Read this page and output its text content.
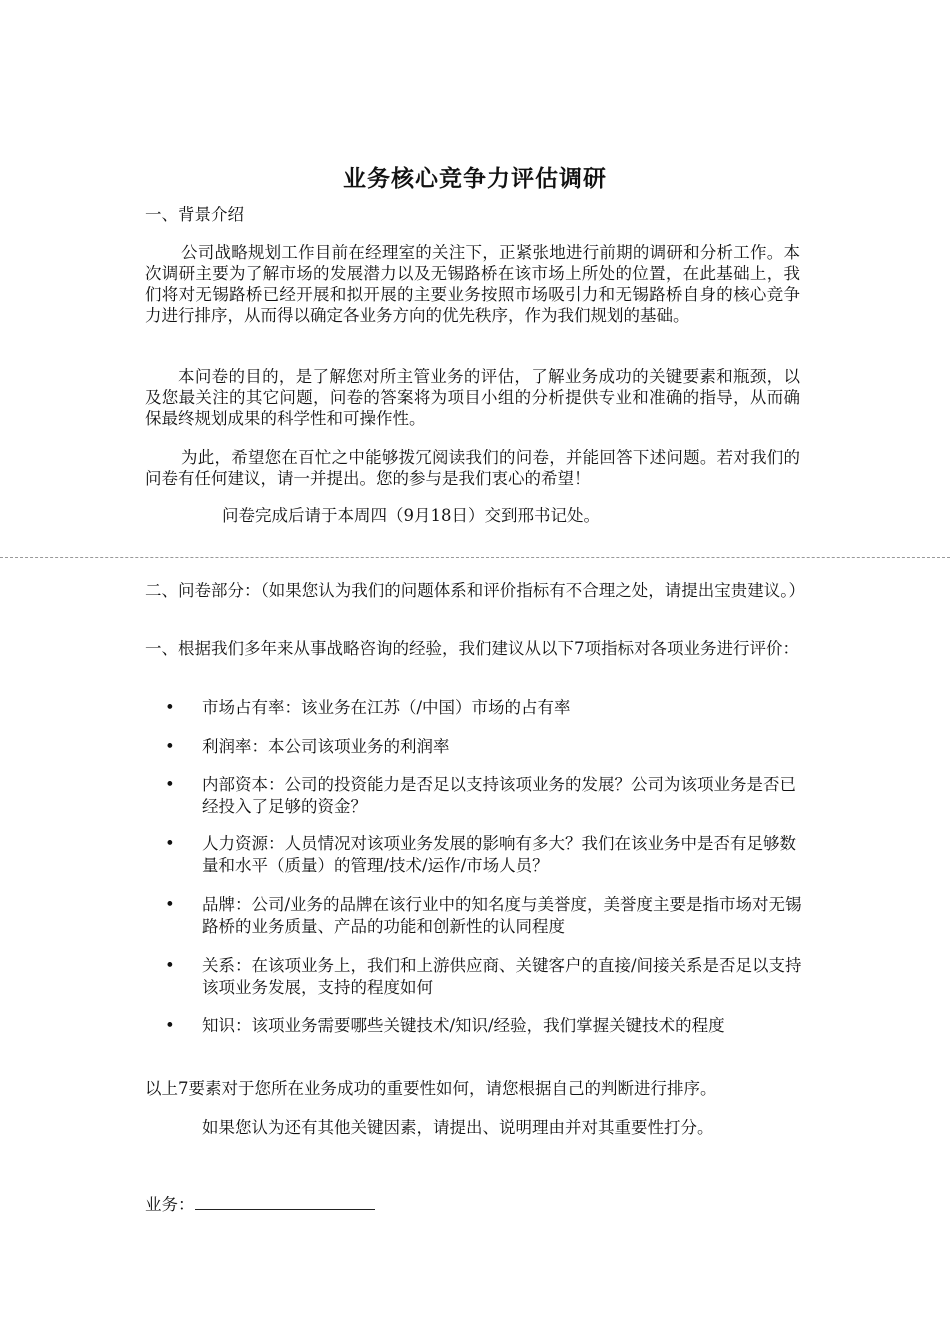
业务核心竞争力评估调研
一、背景介绍

公司战略规划工作目前在经理室的关注下，正紧张地进行前期的调研和分析工作。本次调研主要为了解市场的发展潜力以及无锡路桥在该市场上所处的位置，在此基础上，我们将对无锡路桥已经开展和拟开展的主要业务按照市场吸引力和无锡路桥自身的核心竞争力进行排序，从而得以确定各业务方向的优先秩序，作为我们规划的基础。

本问卷的目的，是了解您对所主管业务的评估，了解业务成功的关键要素和瓶颈，以及您最关注的其它问题，问卷的答案将为项目小组的分析提供专业和准确的指导，从而确保最终规划成果的科学性和可操作性。

为此，希望您在百忙之中能够拨冗阅读我们的问卷，并能回答下述问题。若对我们的问卷有任何建议，请一并提出。您的参与是我们衷心的希望！

问卷完成后请于本周四（9月18日）交到邢书记处。

二、问卷部分：（如果您认为我们的问题体系和评价指标有不合理之处，请提出宝贵建议。）

一、根据我们多年来从事战略咨询的经验，我们建议从以下7项指标对各项业务进行评价：

• 市场占有率：该业务在江苏（/中国）市场的占有率
• 利润率：本公司该项业务的利润率
• 内部资本：公司的投资能力是否足以支持该项业务的发展？公司为该项业务是否已经投入了足够的资金？
• 人力资源：人员情况对该项业务发展的影响有多大？我们在该业务中是否有足够数量和水平（质量）的管理/技术/运作/市场人员？
• 品牌：公司/业务的品牌在该行业中的知名度与美誉度，美誉度主要是指市场对无锡路桥的业务质量、产品的功能和创新性的认同程度
• 关系：在该项业务上，我们和上游供应商、关键客户的直接/间接关系是否足以支持该项业务发展，支持的程度如何
• 知识：该项业务需要哪些关键技术/知识/经验，我们掌握关键技术的程度

以上7要素对于您所在业务成功的重要性如何，请您根据自己的判断进行排序。

如果您认为还有其他关键因素，请提出、说明理由并对其重要性打分。

业务：
